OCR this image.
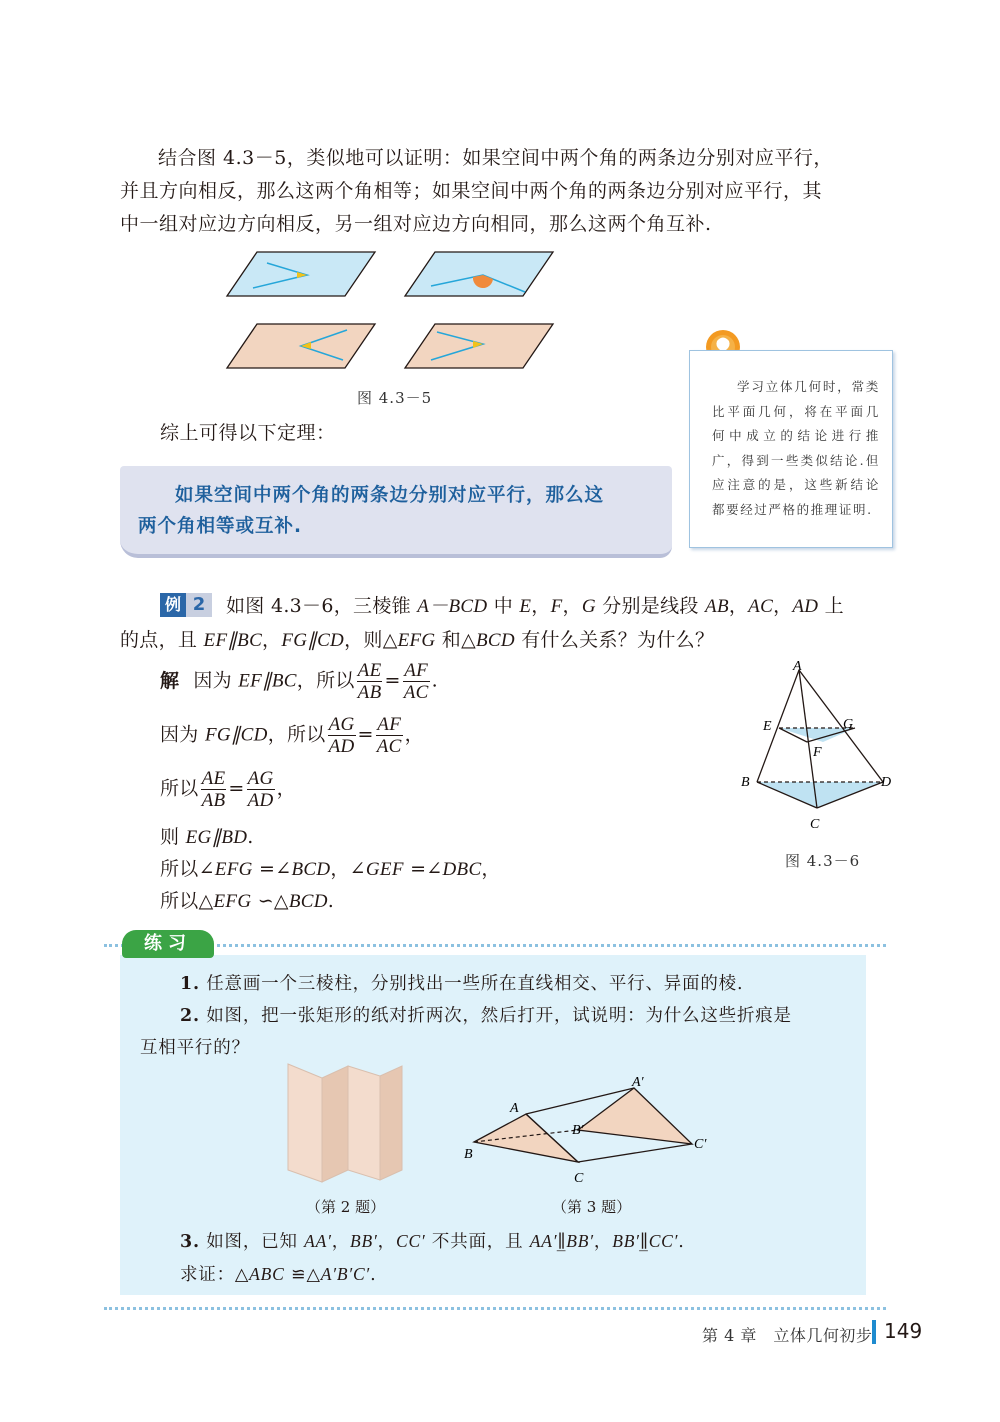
结合图 4.3－5，类似地可以证明：如果空间中两个角的两条边分别对应平行，

并且方向相反，那么这两个角相等；如果空间中两个角的两条边分别对应平行，其

中一组对应边方向相反，另一组对应边方向相同，那么这两个角互补.

图 4.3－5
综上可得以下定理：
如果空间中两个角的两条边分别对应平行，那么这
两个角相等或互补.
学习立体几何时，常类比平面几何，将在平面几何中成立的结论进行推广，得到一些类似结论.但应注意的是，这些新结论都要经过严格的推理证明.
例 2	如图 4.3－6，三棱锥 A－BCD 中 E，F，G 分别是线段 AB，AC，AD 上
的点，且 EF∥BC，FG∥CD，则△EFG 和△BCD 有什么关系？为什么？
解 因为 EF∥BC，所以 $\frac{AE}{AB} = \frac{AF}{AC}$ .
因为 FG∥CD，所以 $\frac{AG}{AD} = \frac{AF}{AC}$ ，
所以 $\frac{AE}{AB} = \frac{AG}{AD}$ ，
则 EG∥BD.
所以∠EFG =∠BCD，∠GEF =∠DBC，
所以△EFG ∽△BCD.
A
E	G
F
B	D
C
图 4.3－6
练习
1. 任意画一个三棱柱，分别找出一些所在直线相交、平行、异面的棱.
2. 如图，把一张矩形的纸对折两次，然后打开，试说明：为什么这些折痕是
互相平行的？
（第 2 题）
A′
A
B′
C′
B
C
（第 3 题）
3. 如图，已知 AA′，BB′，CC′ 不共面，且 AA′∥̲BB′，BB′∥̲CC′.
求证：△ABC ≌△A′B′C′.
第 4 章　立体几何初步 149
